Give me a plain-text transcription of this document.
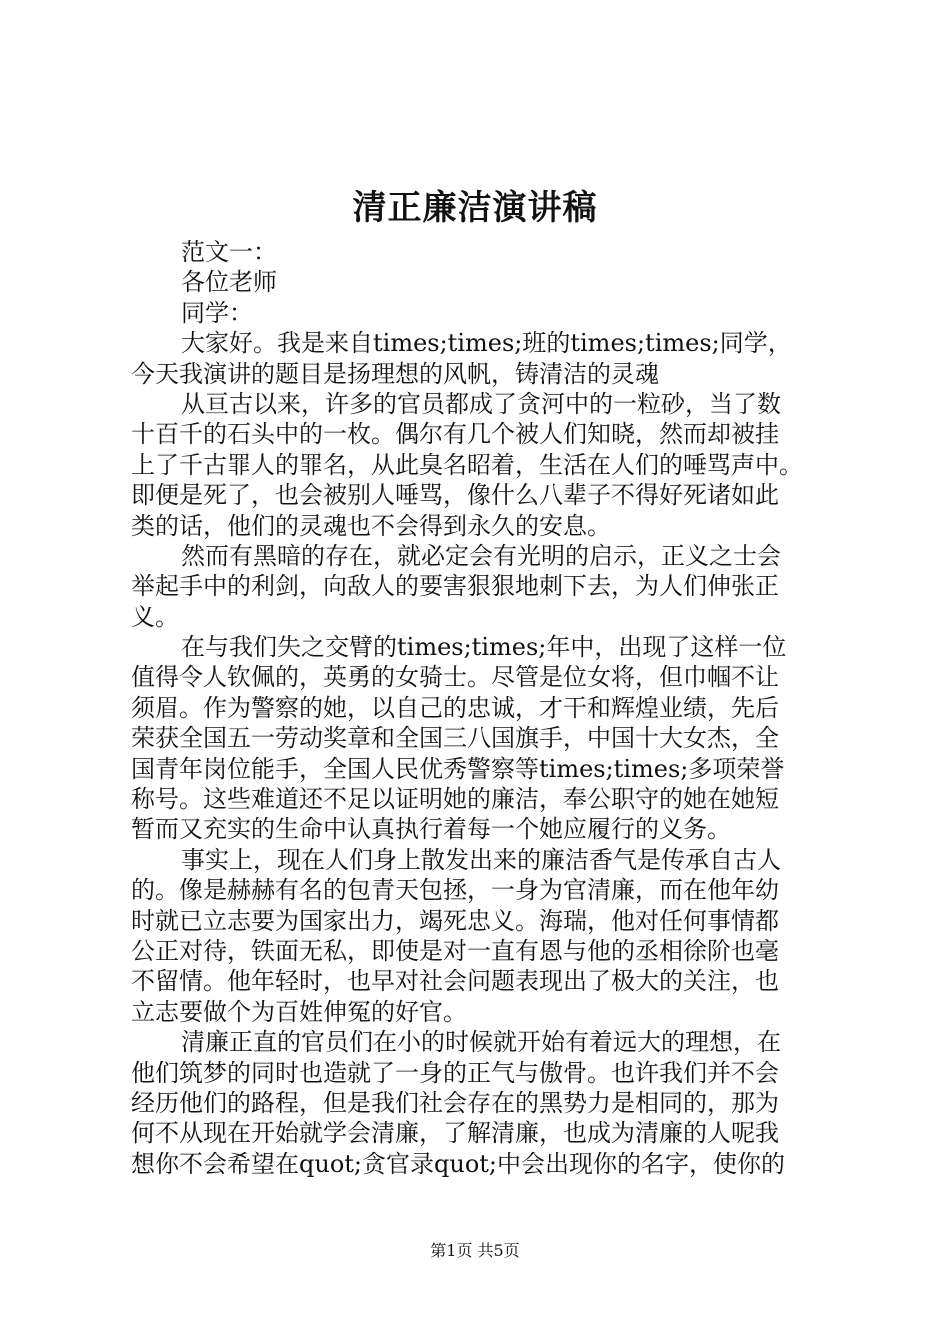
清正廉洁演讲稿
范文一：
各位老师
同学：
大家好。我是来自times;times;班的times;times;同学，
今天我演讲的题目是扬理想的风帆，铸清洁的灵魂
从亘古以来，许多的官员都成了贪河中的一粒砂，当了数
十百千的石头中的一枚。偶尔有几个被人们知晓，然而却被挂
上了千古罪人的罪名，从此臭名昭着，生活在人们的唾骂声中。
即便是死了，也会被别人唾骂，像什么八辈子不得好死诸如此
类的话，他们的灵魂也不会得到永久的安息。
然而有黑暗的存在，就必定会有光明的启示，正义之士会
举起手中的利剑，向敌人的要害狠狠地刺下去，为人们伸张正
义。
在与我们失之交臂的times;times;年中，出现了这样一位
值得令人钦佩的，英勇的女骑士。尽管是位女将，但巾帼不让
须眉。作为警察的她，以自己的忠诚，才干和辉煌业绩，先后
荣获全国五一劳动奖章和全国三八国旗手，中国十大女杰，全
国青年岗位能手，全国人民优秀警察等times;times;多项荣誉
称号。这些难道还不足以证明她的廉洁，奉公职守的她在她短
暂而又充实的生命中认真执行着每一个她应履行的义务。
事实上，现在人们身上散发出来的廉洁香气是传承自古人
的。像是赫赫有名的包青天包拯，一身为官清廉，而在他年幼
时就已立志要为国家出力，竭死忠义。海瑞，他对任何事情都
公正对待，铁面无私，即使是对一直有恩与他的丞相徐阶也毫
不留情。他年轻时，也早对社会问题表现出了极大的关注，也
立志要做个为百姓伸冤的好官。
清廉正直的官员们在小的时候就开始有着远大的理想，在
他们筑梦的同时也造就了一身的正气与傲骨。也许我们并不会
经历他们的路程，但是我们社会存在的黑势力是相同的，那为
何不从现在开始就学会清廉，了解清廉，也成为清廉的人呢我
想你不会希望在quot;贪官录quot;中会出现你的名字，使你的
第1页 共5页
